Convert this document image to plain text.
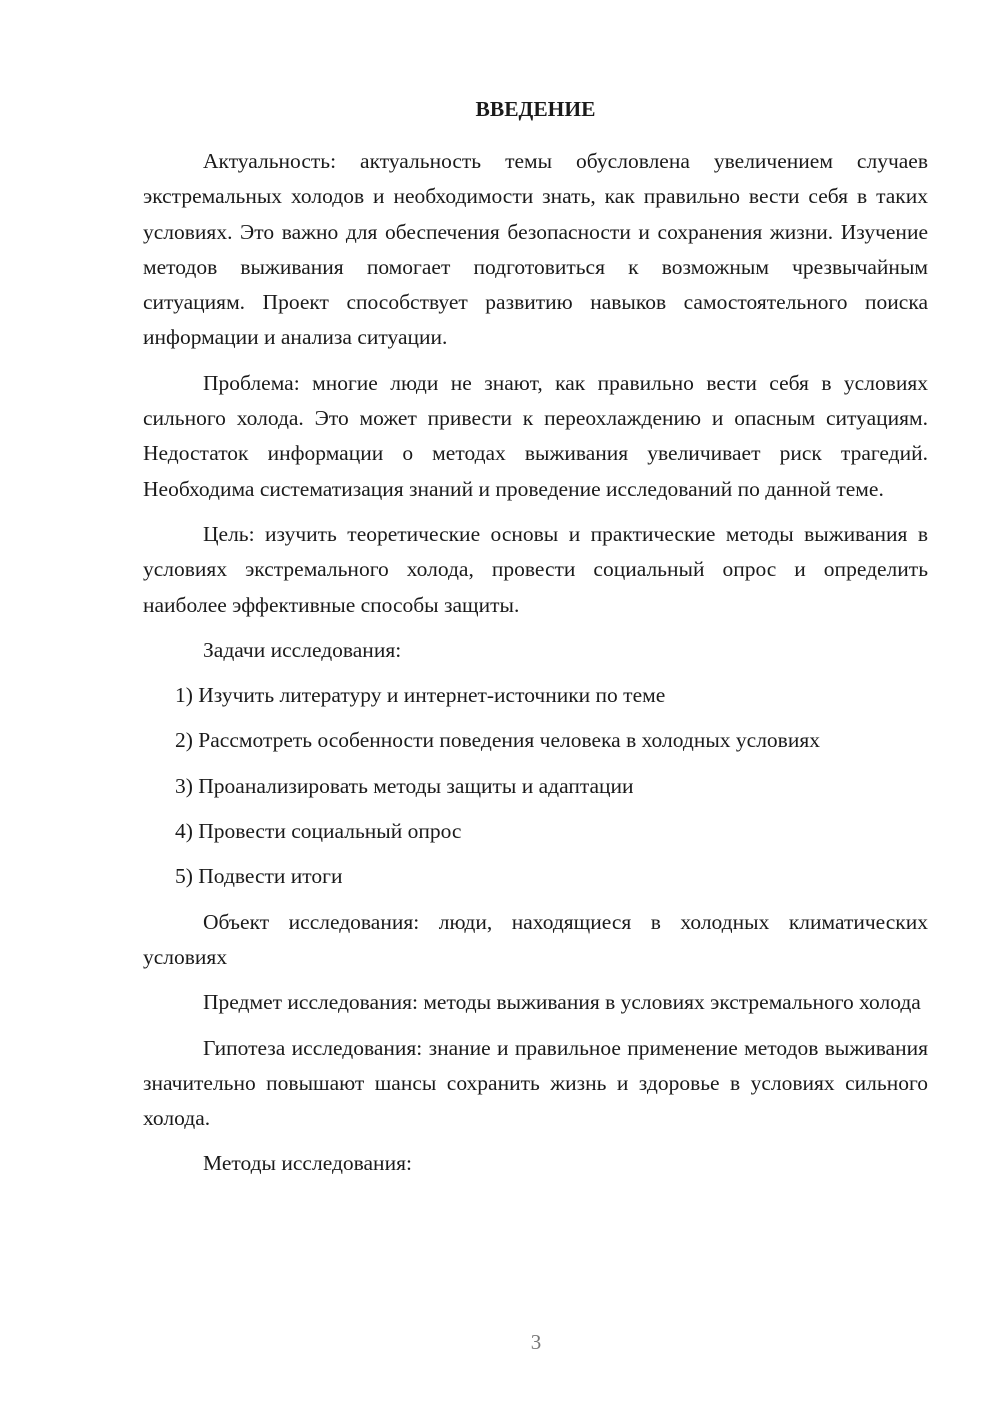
ВВЕДЕНИЕ

Актуальность: актуальность темы обусловлена увеличением случаев экстремальных холодов и необходимости знать, как правильно вести себя в таких условиях. Это важно для обеспечения безопасности и сохранения жизни. Изучение методов выживания помогает подготовиться к возможным чрезвычайным ситуациям. Проект способствует развитию навыков самостоятельного поиска информации и анализа ситуации.

Проблема: многие люди не знают, как правильно вести себя в условиях сильного холода. Это может привести к переохлаждению и опасным ситуациям. Недостаток информации о методах выживания увеличивает риск трагедий. Необходима систематизация знаний и проведение исследований по данной теме.

Цель: изучить теоретические основы и практические методы выживания в условиях экстремального холода, провести социальный опрос и определить наиболее эффективные способы защиты.

Задачи исследования:
1) Изучить литературу и интернет-источники по теме
2) Рассмотреть особенности поведения человека в холодных условиях
3) Проанализировать методы защиты и адаптации
4) Провести социальный опрос
5) Подвести итоги

Объект исследования: люди, находящиеся в холодных климатических условиях

Предмет исследования: методы выживания в условиях экстремального холода

Гипотеза исследования: знание и правильное применение методов выживания значительно повышают шансы сохранить жизнь и здоровье в условиях сильного холода.

Методы исследования:

3
